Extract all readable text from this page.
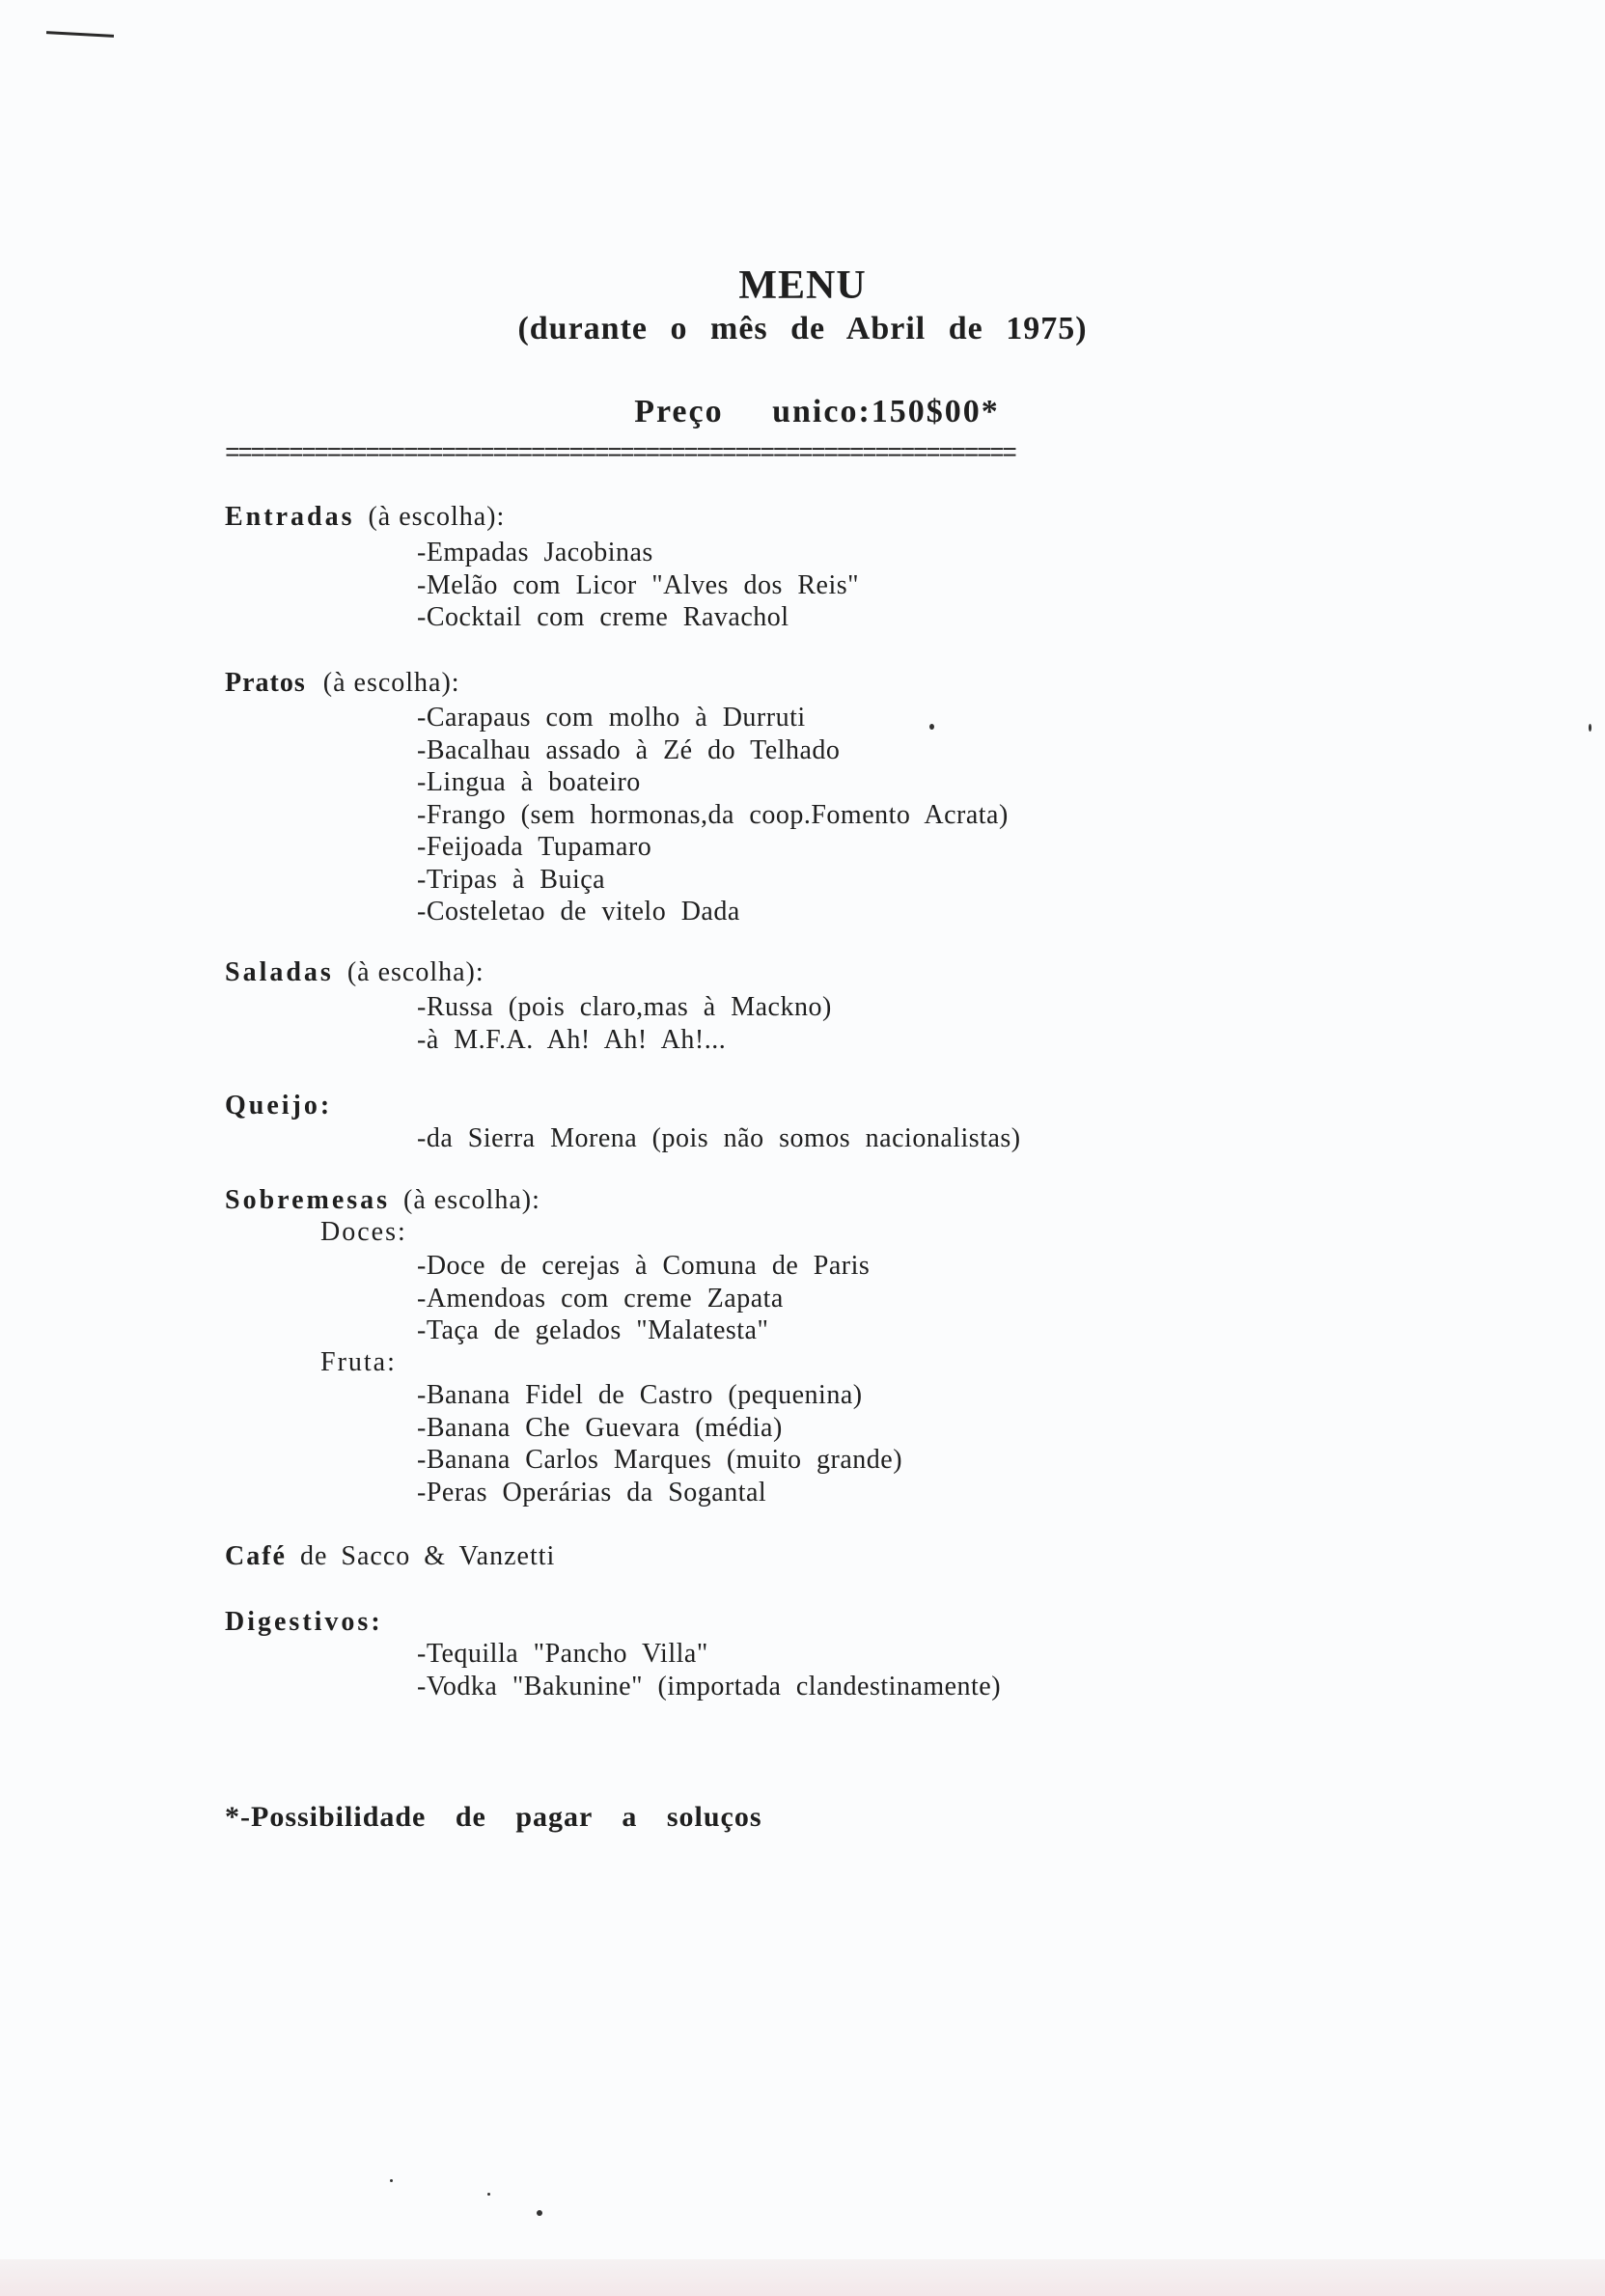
MENU
(durante o mês de Abril de 1975)
Preço unico:150$00*
==============================================================
Entradas (à escolha):
-Empadas Jacobinas
-Melão com Licor "Alves dos Reis"
-Cocktail com creme Ravachol
Pratos (à escolha):
-Carapaus com molho à Durruti
-Bacalhau assado à Zé do Telhado
-Lingua à boateiro
-Frango (sem hormonas,da coop.Fomento Acrata)
-Feijoada Tupamaro
-Tripas à Buiça
-Costeletao de vitelo Dada
Saladas (à escolha):
-Russa (pois claro,mas à Mackno)
-à M.F.A. Ah! Ah! Ah!...
Queijo:
-da Sierra Morena (pois não somos nacionalistas)
Sobremesas (à escolha):
Doces:
-Doce de cerejas à Comuna de Paris
-Amendoas com creme Zapata
-Taça de gelados "Malatesta"
Fruta:
-Banana Fidel de Castro (pequenina)
-Banana Che Guevara (média)
-Banana Carlos Marques (muito grande)
-Peras Operárias da Sogantal
Café de Sacco & Vanzetti
Digestivos:
-Tequilla "Pancho Villa"
-Vodka "Bakunine" (importada clandestinamente)
*-Possibilidade de pagar a soluços
